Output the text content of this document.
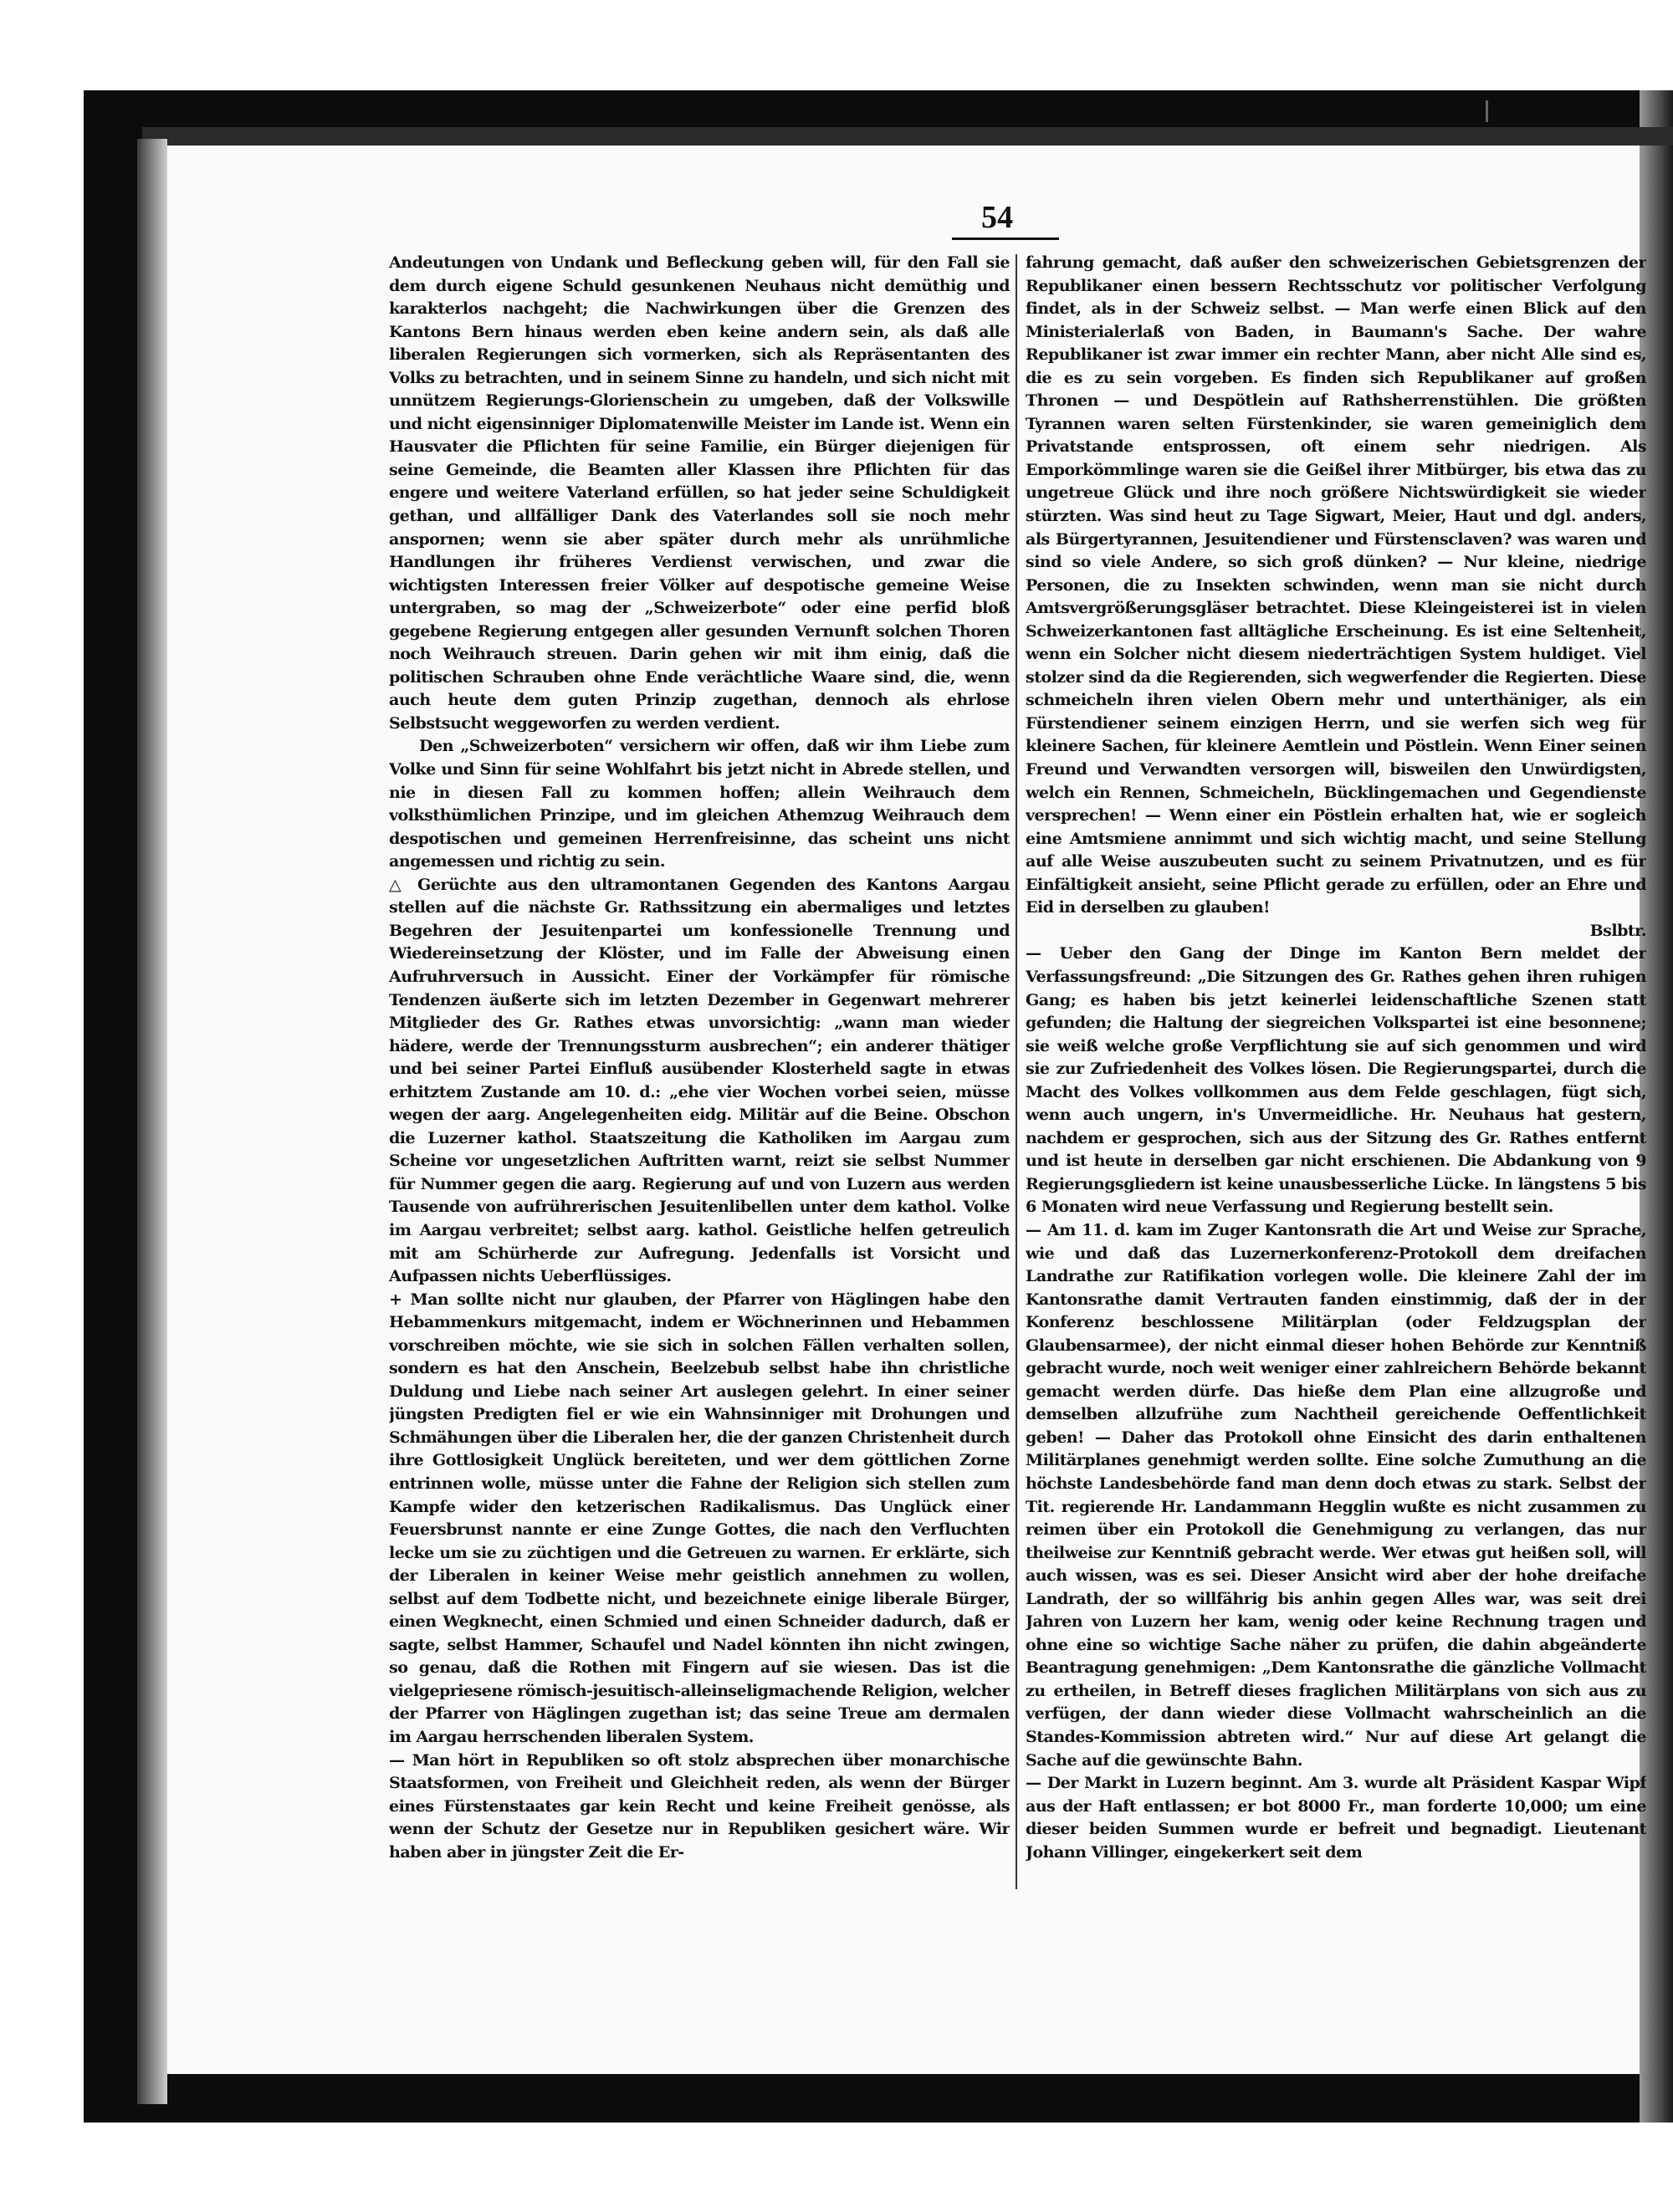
54

Andeutungen von Undank und Befleckung geben will, für den Fall sie dem durch eigene Schuld gesunkenen Neuhaus nicht demüthig und karakterlos nachgeht; die Nachwirkungen über die Grenzen des Kantons Bern hinaus werden eben keine andern sein, als daß alle liberalen Regierungen sich vormerken, sich als Repräsentanten des Volks zu betrachten, und in seinem Sinne zu handeln, und sich nicht mit unnützem Regierungs-Glorienschein zu umgeben, daß der Volkswille und nicht eigensinniger Diplomatenwille Meister im Lande ist. Wenn ein Hausvater die Pflichten für seine Familie, ein Bürger diejenigen für seine Gemeinde, die Beamten aller Klassen ihre Pflichten für das engere und weitere Vaterland erfüllen, so hat jeder seine Schuldigkeit gethan, und allfälliger Dank des Vaterlandes soll sie noch mehr anspornen; wenn sie aber später durch mehr als unrühmliche Handlungen ihr früheres Verdienst verwischen, und zwar die wichtigsten Interessen freier Völker auf despotische gemeine Weise untergraben, so mag der „Schweizerbote“ oder eine perfid bloß gegebene Regierung entgegen aller gesunden Vernunft solchen Thoren noch Weihrauch streuen. Darin gehen wir mit ihm einig, daß die politischen Schrauben ohne Ende verächtliche Waare sind, die, wenn auch heute dem guten Prinzip zugethan, dennoch als ehrlose Selbstsucht weggeworfen zu werden verdient.

Den „Schweizerboten“ versichern wir offen, daß wir ihm Liebe zum Volke und Sinn für seine Wohlfahrt bis jetzt nicht in Abrede stellen, und nie in diesen Fall zu kommen hoffen; allein Weihrauch dem volksthümlichen Prinzipe, und im gleichen Athemzug Weihrauch dem despotischen und gemeinen Herrenfreisinne, das scheint uns nicht angemessen und richtig zu sein.

△ Gerüchte aus den ultramontanen Gegenden des Kantons Aargau stellen auf die nächste Gr. Rathssitzung ein abermaliges und letztes Begehren der Jesuitenpartei um konfessionelle Trennung und Wiedereinsetzung der Klöster, und im Falle der Abweisung einen Aufruhrversuch in Aussicht. Einer der Vorkämpfer für römische Tendenzen äußerte sich im letzten Dezember in Gegenwart mehrerer Mitglieder des Gr. Rathes etwas unvorsichtig: „wann man wieder hädere, werde der Trennungssturm ausbrechen“; ein anderer thätiger und bei seiner Partei Einfluß ausübender Klosterheld sagte in etwas erhitztem Zustande am 10. d.: „ehe vier Wochen vorbei seien, müsse wegen der aarg. Angelegenheiten eidg. Militär auf die Beine. Obschon die Luzerner kathol. Staatszeitung die Katholiken im Aargau zum Scheine vor ungesetzlichen Auftritten warnt, reizt sie selbst Nummer für Nummer gegen die aarg. Regierung auf und von Luzern aus werden Tausende von aufrührerischen Jesuitenlibellen unter dem kathol. Volke im Aargau verbreitet; selbst aarg. kathol. Geistliche helfen getreulich mit am Schürherde zur Aufregung. Jedenfalls ist Vorsicht und Aufpassen nichts Ueberflüssiges.

+ Man sollte nicht nur glauben, der Pfarrer von Häglingen habe den Hebammenkurs mitgemacht, indem er Wöchnerinnen und Hebammen vorschreiben möchte, wie sie sich in solchen Fällen verhalten sollen, sondern es hat den Anschein, Beelzebub selbst habe ihn christliche Duldung und Liebe nach seiner Art auslegen gelehrt. In einer seiner jüngsten Predigten fiel er wie ein Wahnsinniger mit Drohungen und Schmähungen über die Liberalen her, die der ganzen Christenheit durch ihre Gottlosigkeit Unglück bereiteten, und wer dem göttlichen Zorne entrinnen wolle, müsse unter die Fahne der Religion sich stellen zum Kampfe wider den ketzerischen Radikalismus. Das Unglück einer Feuersbrunst nannte er eine Zunge Gottes, die nach den Verfluchten lecke um sie zu züchtigen und die Getreuen zu warnen. Er erklärte, sich der Liberalen in keiner Weise mehr geistlich annehmen zu wollen, selbst auf dem Todbette nicht, und bezeichnete einige liberale Bürger, einen Wegknecht, einen Schmied und einen Schneider dadurch, daß er sagte, selbst Hammer, Schaufel und Nadel könnten ihn nicht zwingen, so genau, daß die Rothen mit Fingern auf sie wiesen. Das ist die vielgepriesene römisch-jesuitisch-alleinseligmachende Religion, welcher der Pfarrer von Häglingen zugethan ist; das seine Treue am dermalen im Aargau herrschenden liberalen System.

— Man hört in Republiken so oft stolz absprechen über monarchische Staatsformen, von Freiheit und Gleichheit reden, als wenn der Bürger eines Fürstenstaates gar kein Recht und keine Freiheit genösse, als wenn der Schutz der Gesetze nur in Republiken gesichert wäre. Wir haben aber in jüngster Zeit die Er-

fahrung gemacht, daß außer den schweizerischen Gebietsgrenzen der Republikaner einen bessern Rechtsschutz vor politischer Verfolgung findet, als in der Schweiz selbst. — Man werfe einen Blick auf den Ministerialerlaß von Baden, in Baumann's Sache. Der wahre Republikaner ist zwar immer ein rechter Mann, aber nicht Alle sind es, die es zu sein vorgeben. Es finden sich Republikaner auf großen Thronen — und Despötlein auf Rathsherrenstühlen. Die größten Tyrannen waren selten Fürstenkinder, sie waren gemeiniglich dem Privatstande entsprossen, oft einem sehr niedrigen. Als Emporkömmlinge waren sie die Geißel ihrer Mitbürger, bis etwa das zu ungetreue Glück und ihre noch größere Nichtswürdigkeit sie wieder stürzten. Was sind heut zu Tage Sigwart, Meier, Haut und dgl. anders, als Bürgertyrannen, Jesuitendiener und Fürstensclaven? was waren und sind so viele Andere, so sich groß dünken? — Nur kleine, niedrige Personen, die zu Insekten schwinden, wenn man sie nicht durch Amtsvergrößerungsgläser betrachtet. Diese Kleingeisterei ist in vielen Schweizerkantonen fast alltägliche Erscheinung. Es ist eine Seltenheit, wenn ein Solcher nicht diesem niederträchtigen System huldiget. Viel stolzer sind da die Regierenden, sich wegwerfender die Regierten. Diese schmeicheln ihren vielen Obern mehr und unterthäniger, als ein Fürstendiener seinem einzigen Herrn, und sie werfen sich weg für kleinere Sachen, für kleinere Aemtlein und Pöstlein. Wenn Einer seinen Freund und Verwandten versorgen will, bisweilen den Unwürdigsten, welch ein Rennen, Schmeicheln, Bücklingemachen und Gegendienste versprechen! — Wenn einer ein Pöstlein erhalten hat, wie er sogleich eine Amtsmiene annimmt und sich wichtig macht, und seine Stellung auf alle Weise auszubeuten sucht zu seinem Privatnutzen, und es für Einfältigkeit ansieht, seine Pflicht gerade zu erfüllen, oder an Ehre und Eid in derselben zu glauben!

Bslbtr.

— Ueber den Gang der Dinge im Kanton Bern meldet der Verfassungsfreund: „Die Sitzungen des Gr. Rathes gehen ihren ruhigen Gang; es haben bis jetzt keinerlei leidenschaftliche Szenen statt gefunden; die Haltung der siegreichen Volkspartei ist eine besonnene; sie weiß welche große Verpflichtung sie auf sich genommen und wird sie zur Zufriedenheit des Volkes lösen. Die Regierungspartei, durch die Macht des Volkes vollkommen aus dem Felde geschlagen, fügt sich, wenn auch ungern, in's Unvermeidliche. Hr. Neuhaus hat gestern, nachdem er gesprochen, sich aus der Sitzung des Gr. Rathes entfernt und ist heute in derselben gar nicht erschienen. Die Abdankung von 9 Regierungsgliedern ist keine unausbesserliche Lücke. In längstens 5 bis 6 Monaten wird neue Verfassung und Regierung bestellt sein.

— Am 11. d. kam im Zuger Kantonsrath die Art und Weise zur Sprache, wie und daß das Luzernerkonferenz-Protokoll dem dreifachen Landrathe zur Ratifikation vorlegen wolle. Die kleinere Zahl der im Kantonsrathe damit Vertrauten fanden einstimmig, daß der in der Konferenz beschlossene Militärplan (oder Feldzugsplan der Glaubensarmee), der nicht einmal dieser hohen Behörde zur Kenntniß gebracht wurde, noch weit weniger einer zahlreichern Behörde bekannt gemacht werden dürfe. Das hieße dem Plan eine allzugroße und demselben allzufrühe zum Nachtheil gereichende Oeffentlichkeit geben! — Daher das Protokoll ohne Einsicht des darin enthaltenen Militärplanes genehmigt werden sollte. Eine solche Zumuthung an die höchste Landesbehörde fand man denn doch etwas zu stark. Selbst der Tit. regierende Hr. Landammann Hegglin wußte es nicht zusammen zu reimen über ein Protokoll die Genehmigung zu verlangen, das nur theilweise zur Kenntniß gebracht werde. Wer etwas gut heißen soll, will auch wissen, was es sei. Dieser Ansicht wird aber der hohe dreifache Landrath, der so willfährig bis anhin gegen Alles war, was seit drei Jahren von Luzern her kam, wenig oder keine Rechnung tragen und ohne eine so wichtige Sache näher zu prüfen, die dahin abgeänderte Beantragung genehmigen: „Dem Kantonsrathe die gänzliche Vollmacht zu ertheilen, in Betreff dieses fraglichen Militärplans von sich aus zu verfügen, der dann wieder diese Vollmacht wahrscheinlich an die Standes-Kommission abtreten wird.“ Nur auf diese Art gelangt die Sache auf die gewünschte Bahn.

— Der Markt in Luzern beginnt. Am 3. wurde alt Präsident Kaspar Wipf aus der Haft entlassen; er bot 8000 Fr., man forderte 10,000; um eine dieser beiden Summen wurde er befreit und begnadigt. Lieutenant Johann Villinger, eingekerkert seit dem
